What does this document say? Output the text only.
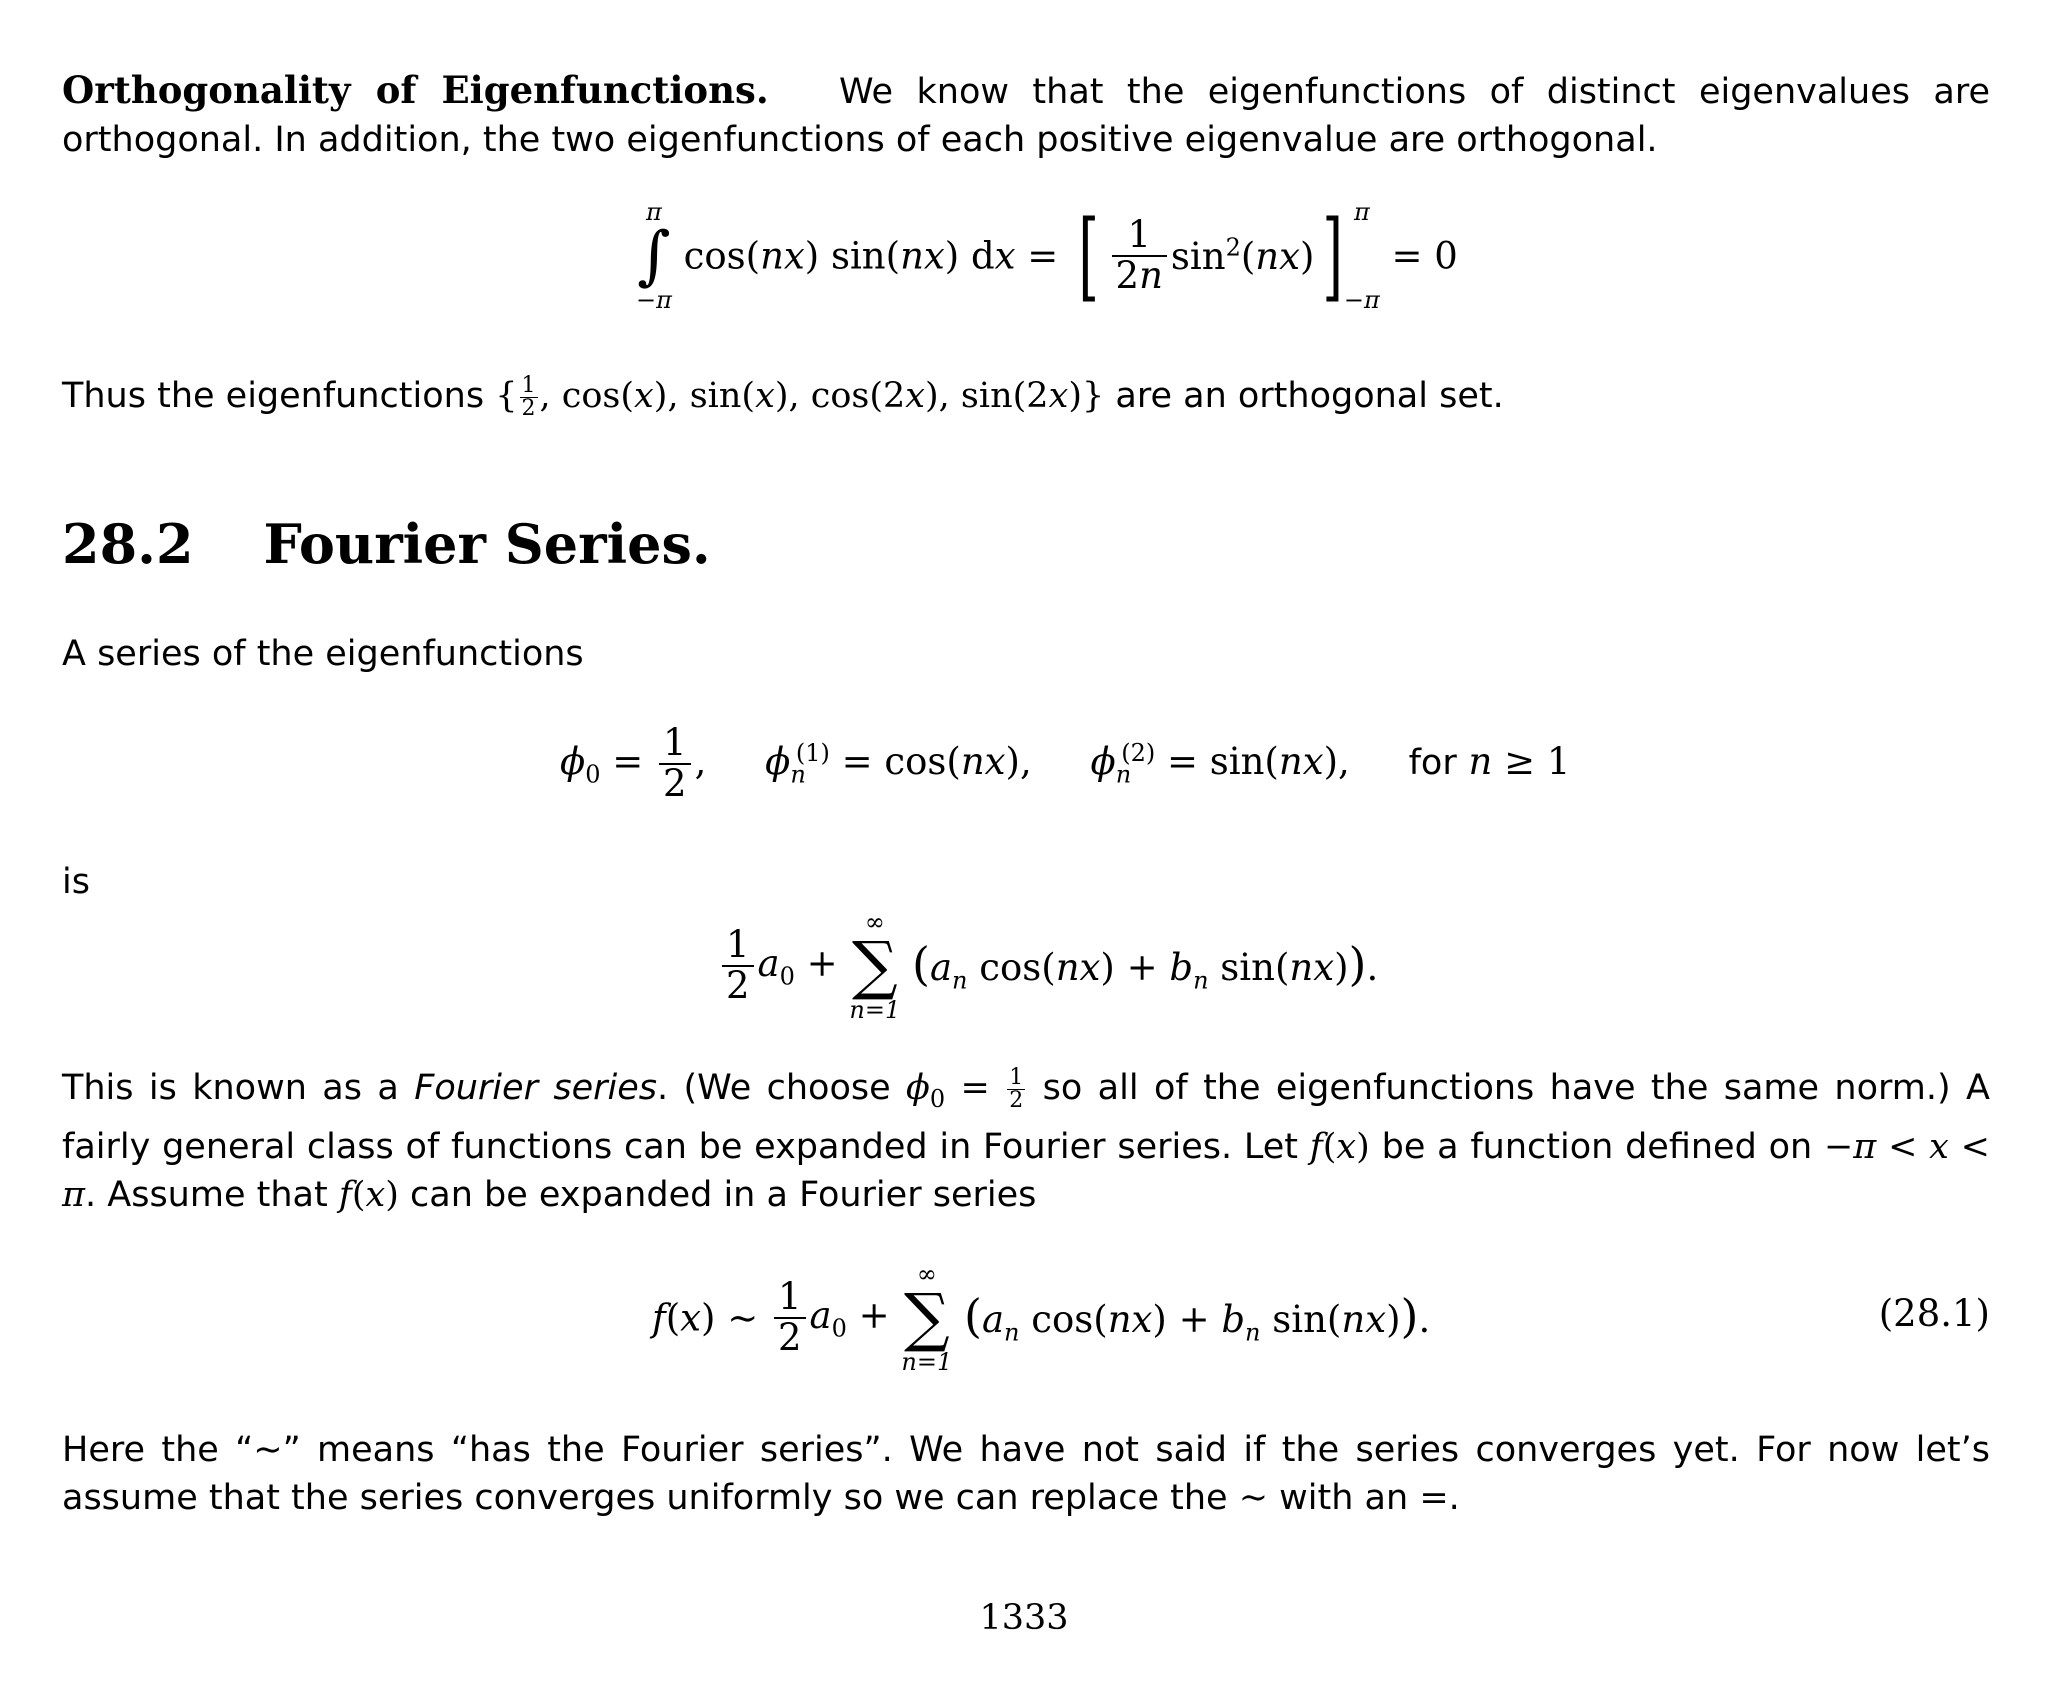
Orthogonality of Eigenfunctions. We know that the eigenfunctions of distinct eigenvalues are orthogonal. In addition, the two eigenfunctions of each positive eigenvalue are orthogonal.
π
∫
−π
cos(nx) sin(nx) dx = [ $\frac{1}{2n} \sin^2(nx)$] π
−π
= 0
Thus the eigenfunctions { $\frac{1}{2}$ , cos(x), sin(x), cos(2x), sin(2x)} are an orthogonal set.
28.2 Fourier Series.
A series of the eigenfunctions
$\phi_0 = \frac{1}{2}$ ,     $\phi_n^{(1)} = \cos(nx)$,     $\phi_n^{(2)} = \sin(nx)$,     for n ≥ 1
is
$\frac{1}{2} a_0$ +
∞
∑
n=1
($a_n$ $\cos(nx) + b_n$ sin(nx)).
This is known as a Fourier series. (We choose $\phi_0 = \frac{1}{2}$ so all of the eigenfunctions have the same norm.) A fairly general class of functions can be expanded in Fourier series. Let f(x) be a function defined on −π < x < π. Assume that f(x) can be expanded in a Fourier series
f(x) ∼ $\frac{1}{2} a_0$ +
∞
∑
n=1
($a_n$ $\cos(nx) + b_n$ sin(nx)).	(28.1)
Here the “∼” means “has the Fourier series”. We have not said if the series converges yet. For now let’s assume that the series converges uniformly so we can replace the ∼ with an =.
1333
